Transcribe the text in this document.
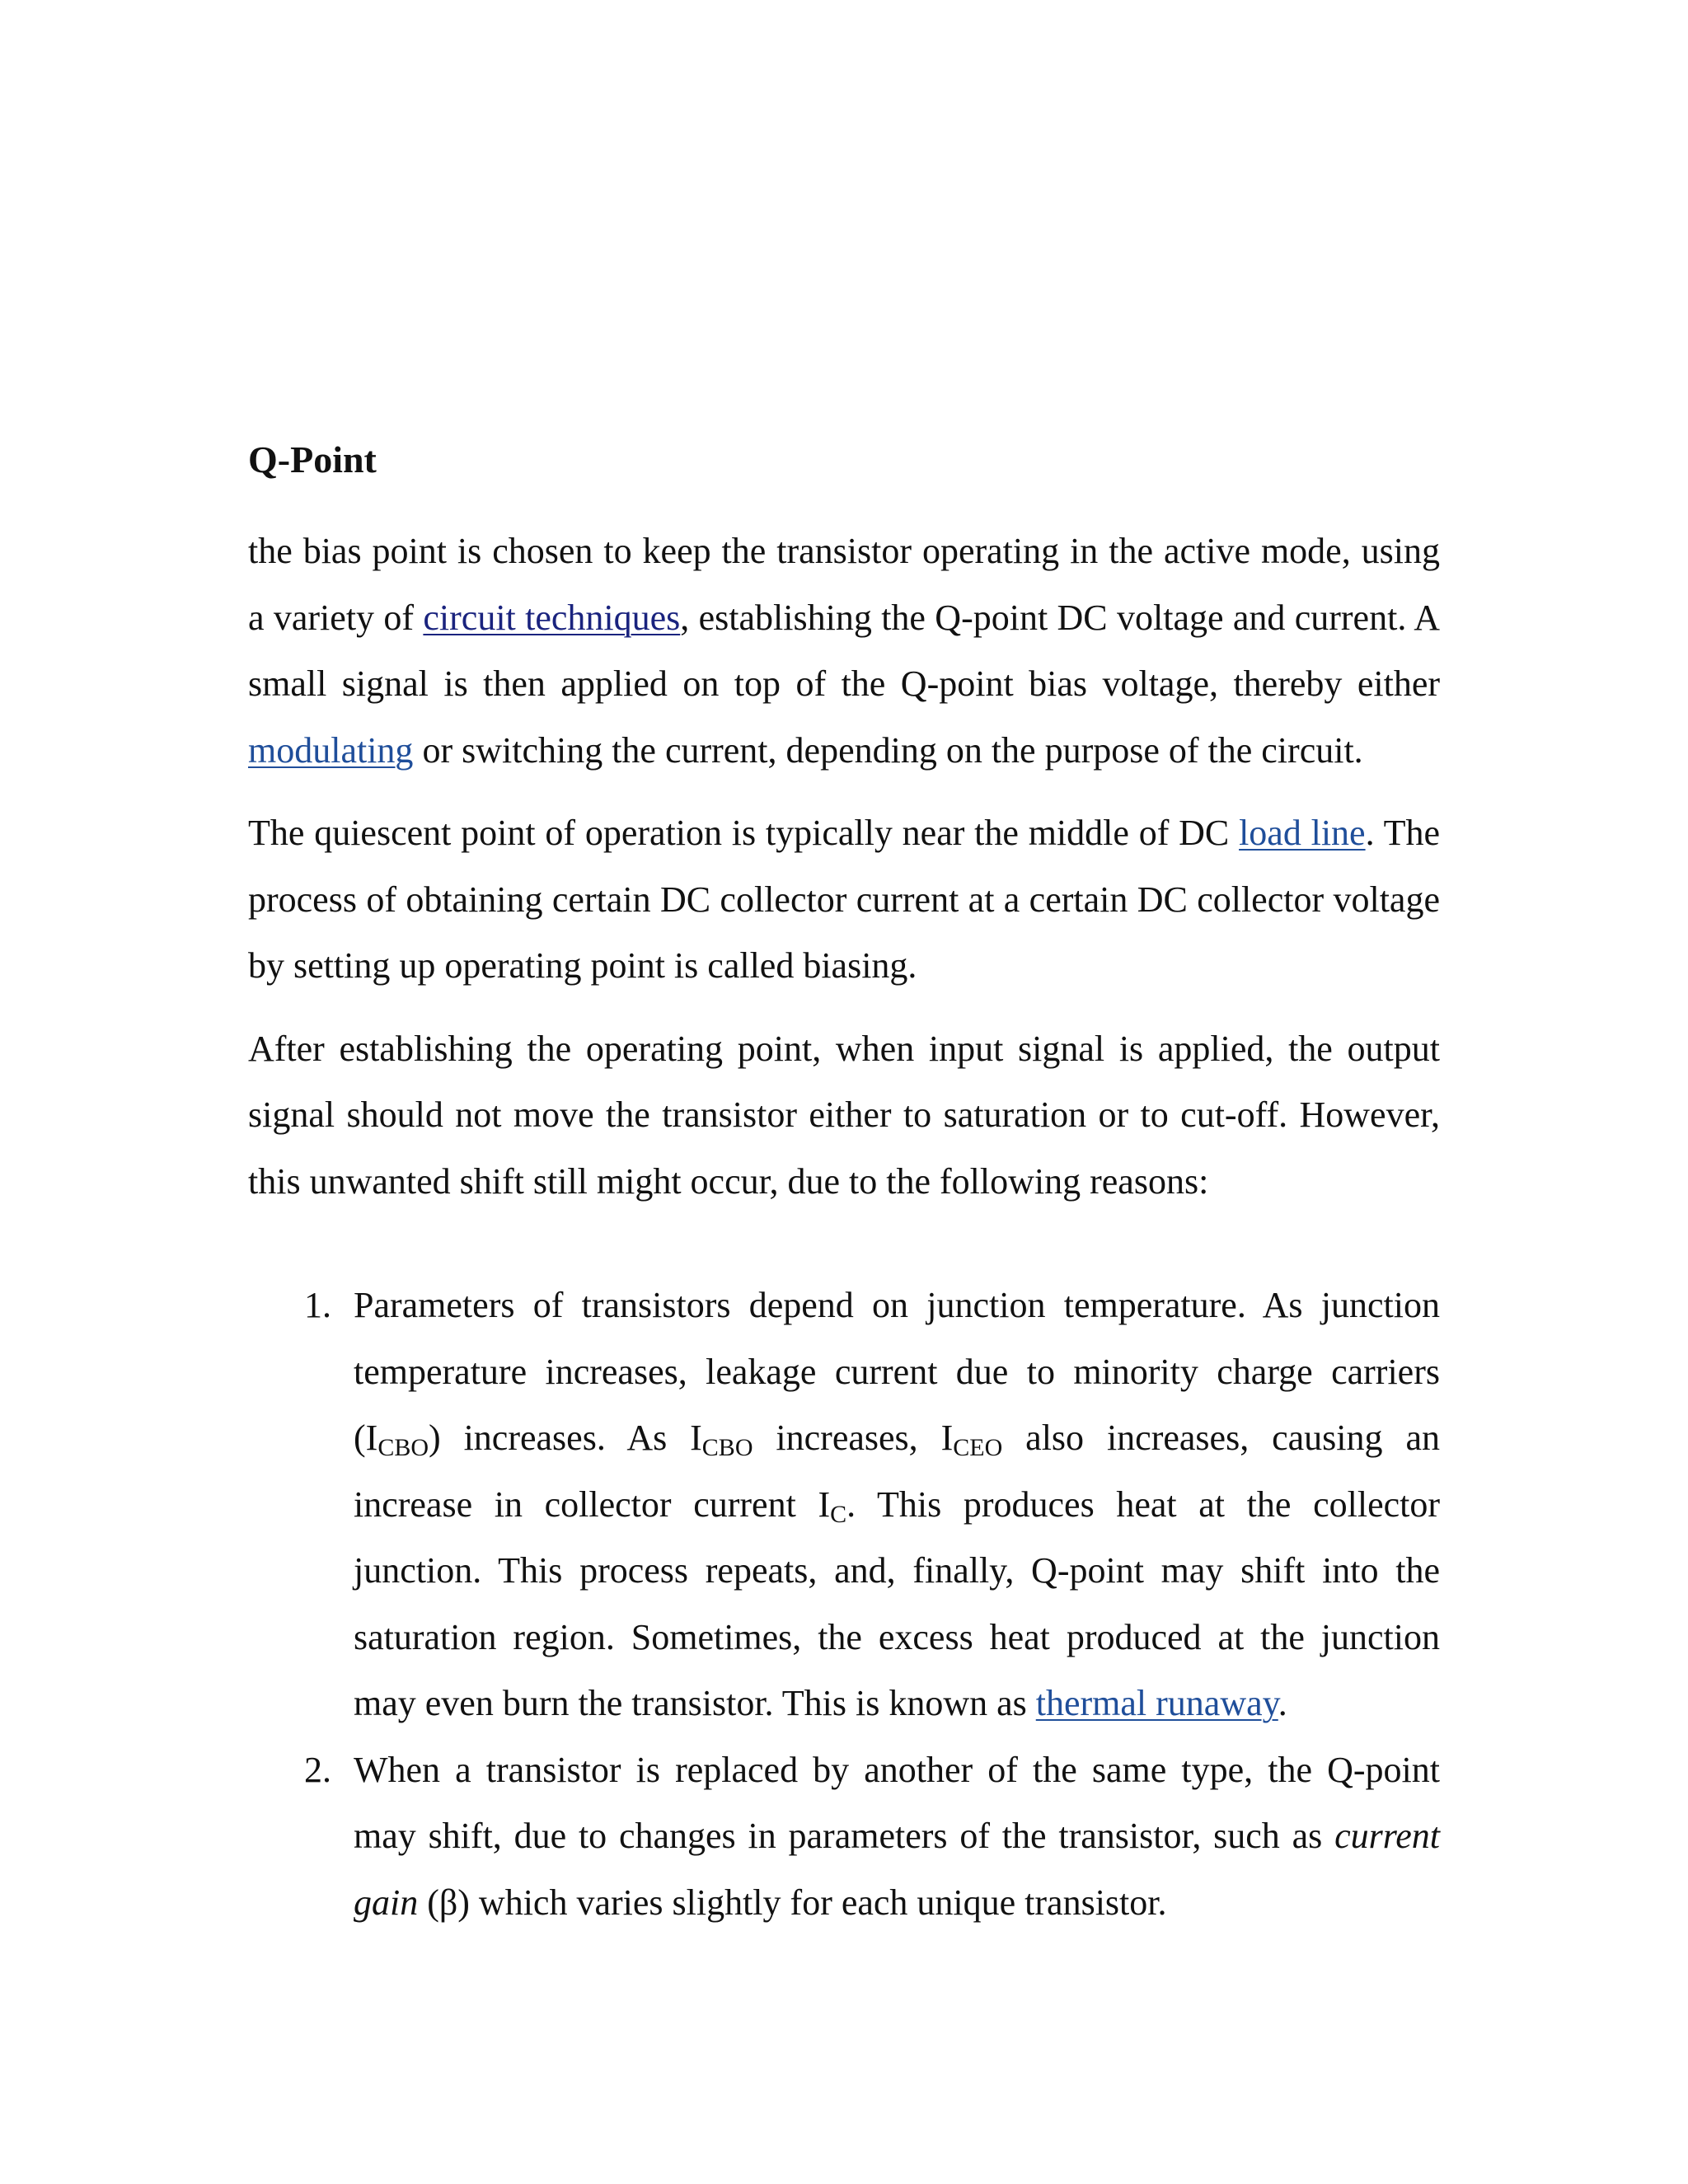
Q-Point

the bias point is chosen to keep the transistor operating in the active mode, using a variety of circuit techniques, establishing the Q-point DC voltage and current. A small signal is then applied on top of the Q-point bias voltage, thereby either modulating or switching the current, depending on the purpose of the circuit.

The quiescent point of operation is typically near the middle of DC load line. The process of obtaining certain DC collector current at a certain DC collector voltage by setting up operating point is called biasing.

After establishing the operating point, when input signal is applied, the output signal should not move the transistor either to saturation or to cut-off. However, this unwanted shift still might occur, due to the following reasons:

1. Parameters of transistors depend on junction temperature. As junction temperature increases, leakage current due to minority charge carriers $(I_{CBO})$ increases. As $I_{CBO}$ increases, $I_{CEO}$ also increases, causing an increase in collector current $I_C$. This produces heat at the collector junction. This process repeats, and, finally, Q-point may shift into the saturation region. Sometimes, the excess heat produced at the junction may even burn the transistor. This is known as thermal runaway.
2. When a transistor is replaced by another of the same type, the Q-point may shift, due to changes in parameters of the transistor, such as current gain (β) which varies slightly for each unique transistor.
